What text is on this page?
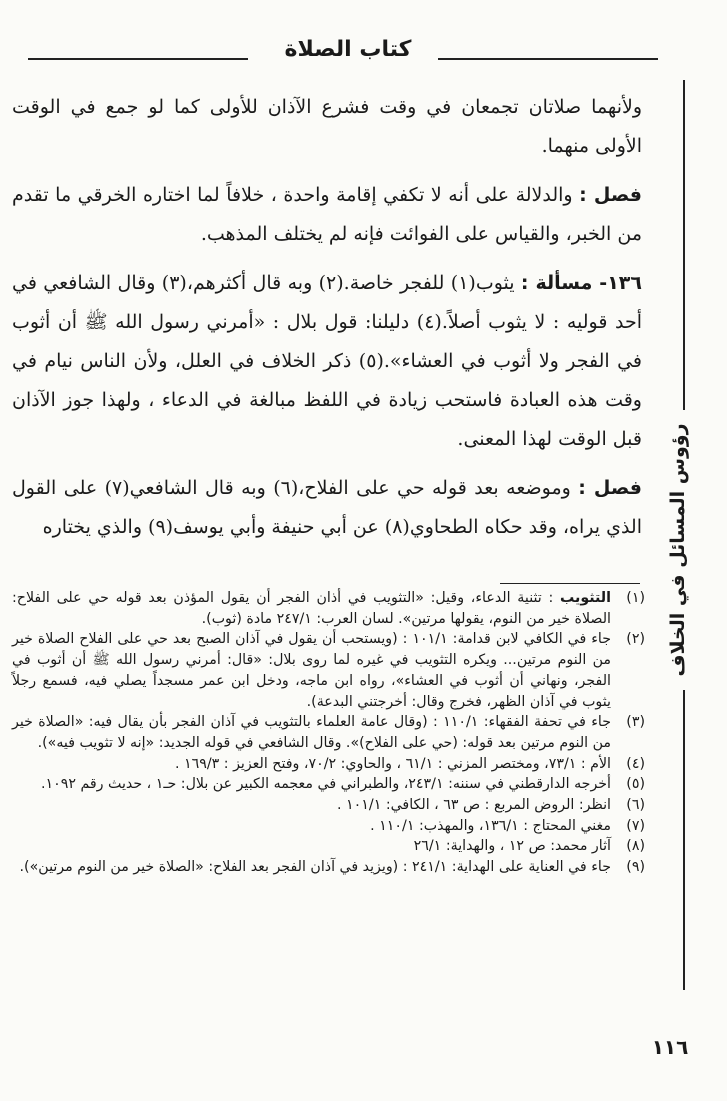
كتاب الصلاة
رؤوس المسائل في الخلاف

ولأنهما صلاتان تجمعان في وقت فشرع الآذان للأولى كما لو جمع في الوقت الأولى منهما.

فصل : والدلالة على أنه لا تكفي إقامة واحدة ، خلافاً لما اختاره الخرقي ما تقدم من الخبر، والقياس على الفوائت فإنه لم يختلف المذهب.

١٣٦- مسألة : يثوب(١) للفجر خاصة.(٢) وبه قال أكثرهم،(٣) وقال الشافعي في أحد قوليه : لا يثوب أصلاً.(٤) دليلنا: قول بلال : «أمرني رسول الله ﷺ أن أثوب في الفجر ولا أثوب في العشاء».(٥) ذكر الخلاف في العلل، ولأن الناس نيام في وقت هذه العبادة فاستحب زيادة في اللفظ مبالغة في الدعاء ، ولهذا جوز الآذان قبل الوقت لهذا المعنى.

فصل : وموضعه بعد قوله حي على الفلاح،(٦) وبه قال الشافعي(٧) على القول الذي يراه، وقد حكاه الطحاوي(٨) عن أبي حنيفة وأبي يوسف(٩) والذي يختاره

(١)
التثويب : تثنية الدعاء، وقيل: «التثويب في أذان الفجر أن يقول المؤذن بعد قوله حي على الفلاح: الصلاة خير من النوم، يقولها مرتين». لسان العرب: ٢٤٧/١ مادة (ثوب).
(٢)
جاء في الكافي لابن قدامة: ١٠١/١ : (ويستحب أن يقول في آذان الصبح بعد حي على الفلاح الصلاة خير من النوم مرتين... ويكره التثويب في غيره لما روى بلال: «قال: أمرني رسول الله ﷺ أن أثوب في الفجر، ونهاني أن أثوب في العشاء»، رواه ابن ماجه، ودخل ابن عمر مسجداً يصلي فيه، فسمع رجلاً يثوب في آذان الظهر، فخرج وقال: أخرجتني البدعة).
(٣)
جاء في تحفة الفقهاء: ١١٠/١ : (وقال عامة العلماء بالتثويب في آذان الفجر بأن يقال فيه: «الصلاة خير من النوم مرتين بعد قوله: (حي على الفلاح)». وقال الشافعي في قوله الجديد: «إنه لا تثويب فيه»).
(٤)
الأم : ٧٣/١، ومختصر المزني : ٦١/١ ، والحاوي: ٧٠/٢، وفتح العزيز : ١٦٩/٣ .
(٥)
أخرجه الدارقطني في سننه: ٢٤٣/١، والطبراني في معجمه الكبير عن بلال: حـ١ ، حديث رقم ١٠٩٢.
(٦)
انظر: الروض المربع : ص ٦٣ ، الكافي: ١٠١/١ .
(٧)
مغني المحتاج : ١٣٦/١، والمهذب: ١١٠/١ .
(٨)
آثار محمد: ص ١٢ ، والهداية: ٢٦/١
(٩)
جاء في العناية على الهداية: ٢٤١/١ : (ويزيد في آذان الفجر بعد الفلاح: «الصلاة خير من النوم مرتين»).
١١٦
